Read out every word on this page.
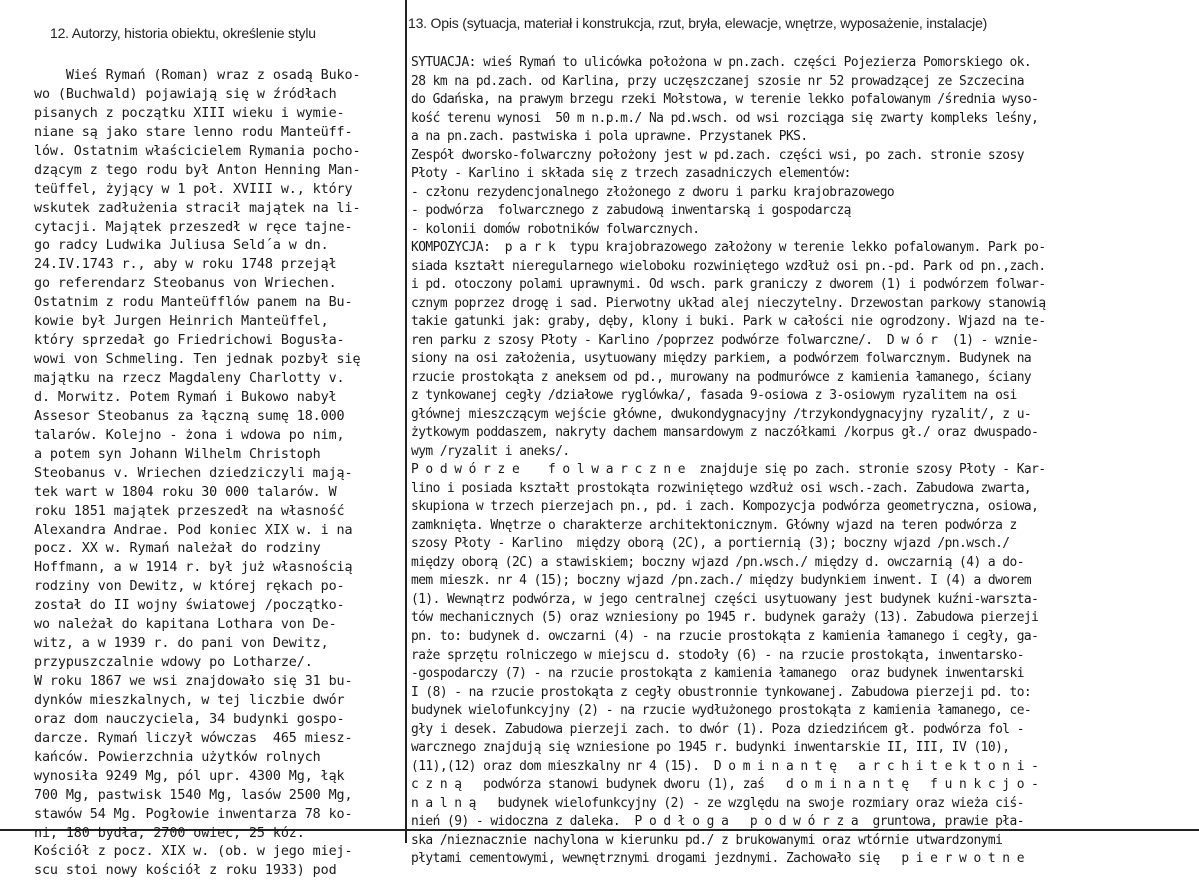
12. Autorzy, historia obiektu, określenie stylu
Wieś Rymań (Roman) wraz z osadą Buko-
wo (Buchwald) pojawiają się w źródłach
pisanych z początku XIII wieku i wymie-
niane są jako stare lenno rodu Manteüff-
lów. Ostatnim właścicielem Rymania pocho-
dzącym z tego rodu był Anton Henning Man-
teüffel, żyjący w 1 poł. XVIII w., który
wskutek zadłużenia stracił majątek na li-
cytacji. Majątek przeszedł w ręce tajne-
go radcy Ludwika Juliusa Seld´a w dn.
24.IV.1743 r., aby w roku 1748 przejął
go referendarz Steobanus von Wriechen.
Ostatnim z rodu Manteüfflów panem na Bu-
kowie był Jurgen Heinrich Manteüffel,
który sprzedał go Friedrichowi Bogusła-
wowi von Schmeling. Ten jednak pozbył się
majątku na rzecz Magdaleny Charlotty v.
d. Morwitz. Potem Rymań i Bukowo nabył
Assesor Steobanus za łączną sumę 18.000
talarów. Kolejno - żona i wdowa po nim,
a potem syn Johann Wilhelm Christoph
Steobanus v. Wriechen dziedziczyli mają-
tek wart w 1804 roku 30 000 talarów. W
roku 1851 majątek przeszedł na własność
Alexandra Andrae. Pod koniec XIX w. i na
pocz. XX w. Rymań należał do rodziny
Hoffmann, a w 1914 r. był już własnością
rodziny von Dewitz, w której rękach po-
został do II wojny światowej /początko-
wo należał do kapitana Lothara von De-
witz, a w 1939 r. do pani von Dewitz,
przypuszczalnie wdowy po Lotharze/.
W roku 1867 we wsi znajdowało się 31 bu-
dynków mieszkalnych, w tej liczbie dwór
oraz dom nauczyciela, 34 budynki gospo-
darcze. Rymań liczył wówczas  465 miesz-
kańców. Powierzchnia użytków rolnych
wynosiła 9249 Mg, pól upr. 4300 Mg, łąk
700 Mg, pastwisk 1540 Mg, lasów 2500 Mg,
stawów 54 Mg. Pogłowie inwentarza 78 ko-
ni, 180 bydła, 2700 owiec, 25 kóz.
Kościół z pocz. XIX w. (ob. w jego miej-
scu stoi nowy kościół z roku 1933) pod
13. Opis (sytuacja, materiał i konstrukcja, rzut, bryła, elewacje, wnętrze, wyposażenie, instalacje)
SYTUACJA: wieś Rymań to ulicówka położona w pn.zach. części Pojezierza Pomorskiego ok.
28 km na pd.zach. od Karlina, przy uczęszczanej szosie nr 52 prowadzącej ze Szczecina
do Gdańska, na prawym brzegu rzeki Mołstowa, w terenie lekko pofalowanym /średnia wyso-
kość terenu wynosi  50 m n.p.m./ Na pd.wsch. od wsi rozciąga się zwarty kompleks leśny,
a na pn.zach. pastwiska i pola uprawne. Przystanek PKS.
Zespół dworsko-folwarczny położony jest w pd.zach. części wsi, po zach. stronie szosy
Płoty - Karlino i składa się z trzech zasadniczych elementów:
- członu rezydencjonalnego złożonego z dworu i parku krajobrazowego
- podwórza  folwarcznego z zabudową inwentarską i gospodarczą
- kolonii domów robotników folwarcznych.
KOMPOZYCJA:  p a r k  typu krajobrazowego założony w terenie lekko pofalowanym. Park po-
siada kształt nieregularnego wieloboku rozwiniętego wzdłuż osi pn.-pd. Park od pn.,zach.
i pd. otoczony polami uprawnymi. Od wsch. park graniczy z dworem (1) i podwórzem folwar-
cznym poprzez drogę i sad. Pierwotny układ alej nieczytelny. Drzewostan parkowy stanowią
takie gatunki jak: graby, dęby, klony i buki. Park w całości nie ogrodzony. Wjazd na te-
ren parku z szosy Płoty - Karlino /poprzez podwórze folwarczne/.  D w ó r  (1) - wznie-
siony na osi założenia, usytuowany między parkiem, a podwórzem folwarcznym. Budynek na
rzucie prostokąta z aneksem od pd., murowany na podmurówce z kamienia łamanego, ściany
z tynkowanej cegły /działowe ryglówka/, fasada 9-osiowa z 3-osiowym ryzalitem na osi
głównej mieszczącym wejście główne, dwukondygnacyjny /trzykondygnacyjny ryzalit/, z u-
żytkowym poddaszem, nakryty dachem mansardowym z naczółkami /korpus gł./ oraz dwuspado-
wym /ryzalit i aneks/.
P o d w ó r z e    f o l w a r c z n e  znajduje się po zach. stronie szosy Płoty - Kar-
lino i posiada kształt prostokąta rozwiniętego wzdłuż osi wsch.-zach. Zabudowa zwarta,
skupiona w trzech pierzejach pn., pd. i zach. Kompozycja podwórza geometryczna, osiowa,
zamknięta. Wnętrze o charakterze architektonicznym. Główny wjazd na teren podwórza z
szosy Płoty - Karlino  między oborą (2C), a portiernią (3); boczny wjazd /pn.wsch./
między oborą (2C) a stawiskiem; boczny wjazd /pn.wsch./ między d. owczarnią (4) a do-
mem mieszk. nr 4 (15); boczny wjazd /pn.zach./ między budynkiem inwent. I (4) a dworem
(1). Wewnątrz podwórza, w jego centralnej części usytuowany jest budynek kuźni-warszta-
tów mechanicznych (5) oraz wzniesiony po 1945 r. budynek garaży (13). Zabudowa pierzeji
pn. to: budynek d. owczarni (4) - na rzucie prostokąta z kamienia łamanego i cegły, ga-
raże sprzętu rolniczego w miejscu d. stodoły (6) - na rzucie prostokąta, inwentarsko-
-gospodarczy (7) - na rzucie prostokąta z kamienia łamanego  oraz budynek inwentarski
I (8) - na rzucie prostokąta z cegły obustronnie tynkowanej. Zabudowa pierzeji pd. to:
budynek wielofunkcyjny (2) - na rzucie wydłużonego prostokąta z kamienia łamanego, ce-
gły i desek. Zabudowa pierzeji zach. to dwór (1). Poza dziedzińcem gł. podwórza fol -
warcznego znajdują się wzniesione po 1945 r. budynki inwentarskie II, III, IV (10),
(11),(12) oraz dom mieszkalny nr 4 (15).  D o m i n a n t ę   a r c h i t e k t o n i -
c z n ą   podwórza stanowi budynek dworu (1), zaś   d o m i n a n t ę   f u n k c j o -
n a l n ą   budynek wielofunkcyjny (2) - ze względu na swoje rozmiary oraz wieża ciś-
nień (9) - widoczna z daleka.  P o d ł o g a   p o d w ó r z a  gruntowa, prawie pła-
ska /nieznacznie nachylona w kierunku pd./ z brukowanymi oraz wtórnie utwardzonymi
płytami cementowymi, wewnętrznymi drogami jezdnymi. Zachowało się   p i e r w o t n e
